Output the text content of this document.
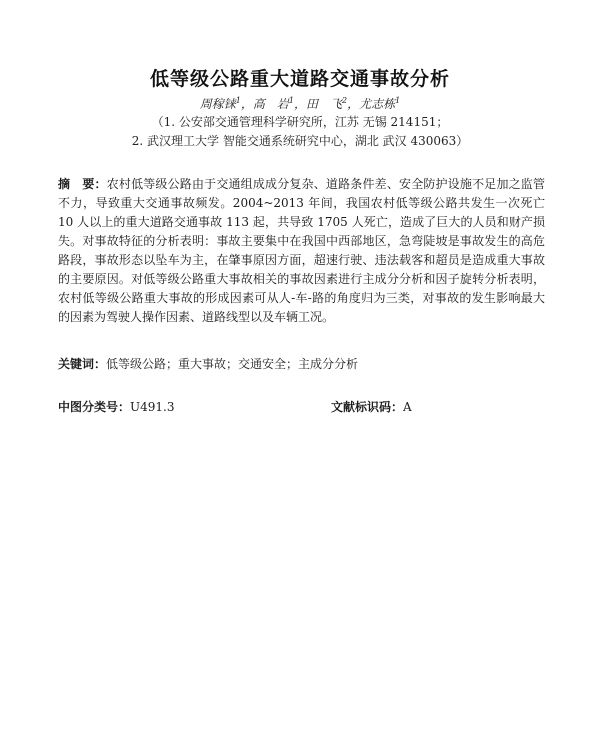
低等级公路重大道路交通事故分析
周稼铼$^1$，高　岩$^1$，田　飞$^2$，尤志栋$^1$
（1. 公安部交通管理科学研究所，江苏 无锡 214151；
2. 武汉理工大学 智能交通系统研究中心，湖北 武汉 430063）
摘　要：农村低等级公路由于交通组成成分复杂、道路条件差、安全防护设施不足加之监管不力，导致重大交通事故频发。2004~2013 年间，我国农村低等级公路共发生一次死亡 10 人以上的重大道路交通事故 113 起，共导致 1705 人死亡，造成了巨大的人员和财产损失。对事故特征的分析表明：事故主要集中在我国中西部地区，急弯陡坡是事故发生的高危路段，事故形态以坠车为主，在肇事原因方面，超速行驶、违法载客和超员是造成重大事故的主要原因。对低等级公路重大事故相关的事故因素进行主成分分析和因子旋转分析表明，农村低等级公路重大事故的形成因素可从人-车-路的角度归为三类，对事故的发生影响最大的因素为驾驶人操作因素、道路线型以及车辆工况。
关键词：低等级公路；重大事故；交通安全；主成分分析
中图分类号：U491.3	文献标识码：A
